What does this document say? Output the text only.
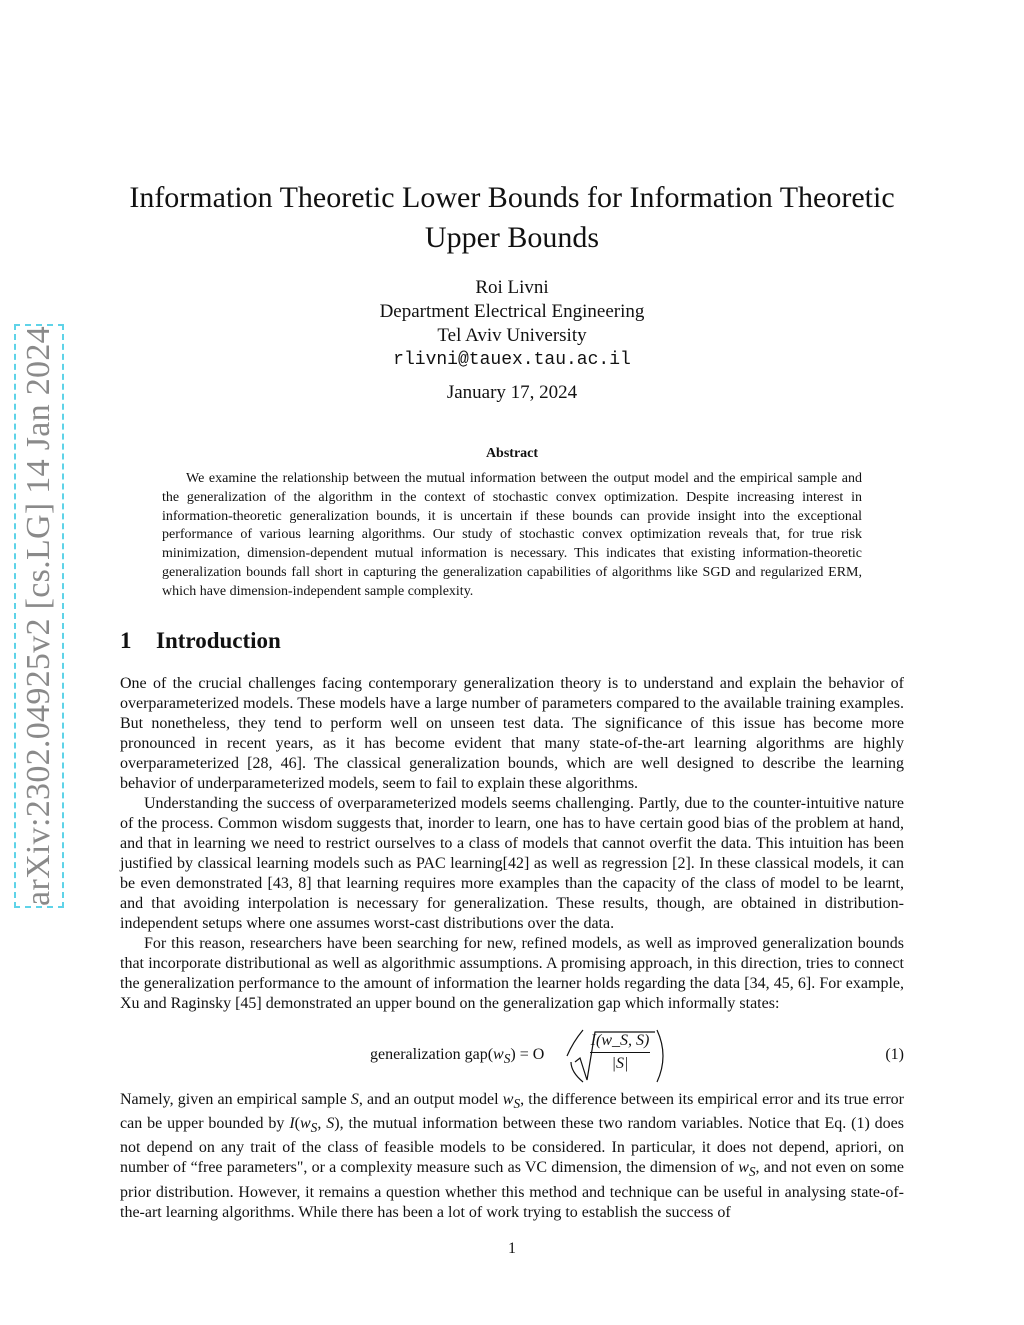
arXiv:2302.04925v2 [cs.LG] 14 Jan 2024
Information Theoretic Lower Bounds for Information Theoretic
Upper Bounds
Roi Livni
Department Electrical Engineering
Tel Aviv University
rlivni@tauex.tau.ac.il
January 17, 2024
Abstract
We examine the relationship between the mutual information between the output model and the empirical sample and the generalization of the algorithm in the context of stochastic convex optimization. Despite increasing interest in information-theoretic generalization bounds, it is uncertain if these bounds can provide insight into the exceptional performance of various learning algorithms. Our study of stochastic convex optimization reveals that, for true risk minimization, dimension-dependent mutual information is necessary. This indicates that existing information-theoretic generalization bounds fall short in capturing the generalization capabilities of algorithms like SGD and regularized ERM, which have dimension-independent sample complexity.
1 Introduction
One of the crucial challenges facing contemporary generalization theory is to understand and explain the behavior of overparameterized models. These models have a large number of parameters compared to the available training examples. But nonetheless, they tend to perform well on unseen test data. The significance of this issue has become more pronounced in recent years, as it has become evident that many state-of-the-art learning algorithms are highly overparameterized [28, 46]. The classical generalization bounds, which are well designed to describe the learning behavior of underparameterized models, seem to fail to explain these algorithms.
Understanding the success of overparameterized models seems challenging. Partly, due to the counter-intuitive nature of the process. Common wisdom suggests that, inorder to learn, one has to have certain good bias of the problem at hand, and that in learning we need to restrict ourselves to a class of models that cannot overfit the data. This intuition has been justified by classical learning models such as PAC learning[42] as well as regression [2]. In these classical models, it can be even demonstrated [43, 8] that learning requires more examples than the capacity of the class of model to be learnt, and that avoiding interpolation is necessary for generalization. These results, though, are obtained in distribution-independent setups where one assumes worst-cast distributions over the data.
For this reason, researchers have been searching for new, refined models, as well as improved generalization bounds that incorporate distributional as well as algorithmic assumptions. A promising approach, in this direction, tries to connect the generalization performance to the amount of information the learner holds regarding the data [34, 45, 6]. For example, Xu and Raginsky [45] demonstrated an upper bound on the generalization gap which informally states:
generalization $gap(w_S) = O$
I(w_S, S)
|S|
(1)
Namely, given an empirical sample S, and an output model $w_S$, the difference between its empirical error and its true error can be upper bounded by $I(w_S$, S), the mutual information between these two random variables. Notice that Eq. (1) does not depend on any trait of the class of feasible models to be considered. In particular, it does not depend, apriori, on number of “free parameters", or a complexity measure such as VC dimension, the dimension of $w_S$, and not even on some prior distribution. However, it remains a question whether this method and technique can be useful in analysing state-of-the-art learning algorithms. While there has been a lot of work trying to establish the success of
1
